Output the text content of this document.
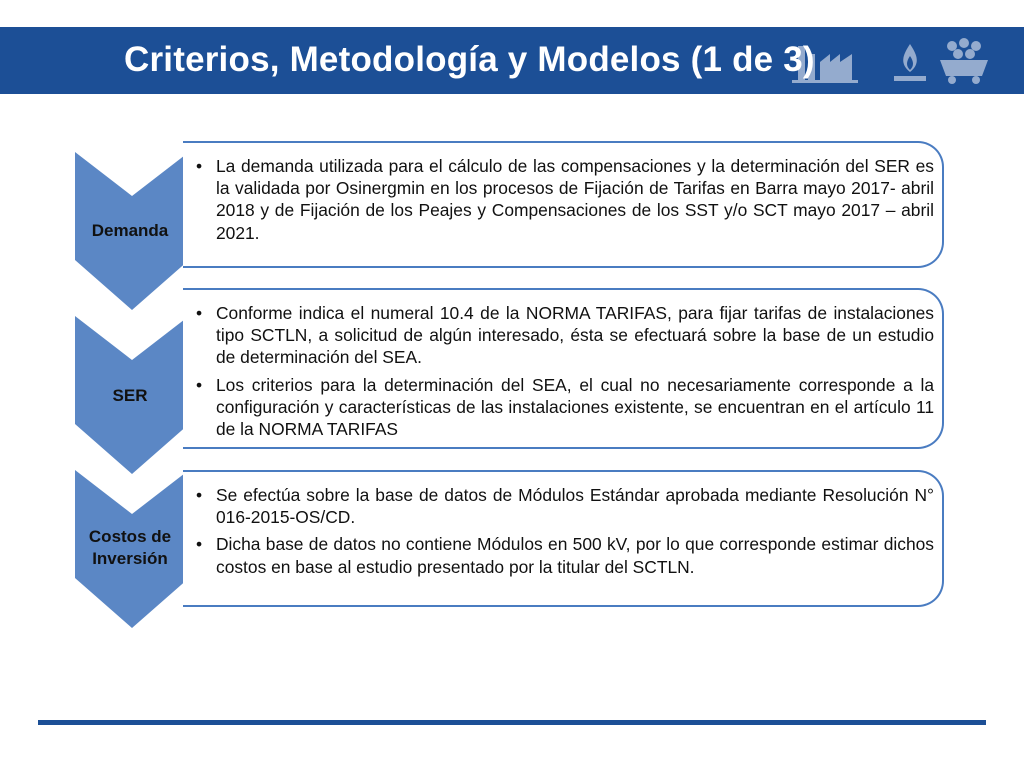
Criterios, Metodología y Modelos (1 de 3)
Demanda
• La demanda utilizada para el cálculo de las compensaciones y la determinación del SER es la validada por Osinergmin en los procesos de Fijación de Tarifas en Barra mayo 2017- abril 2018 y de Fijación de los Peajes y Compensaciones de los SST y/o SCT mayo 2017 – abril 2021.
SER
• Conforme indica el numeral 10.4 de la NORMA TARIFAS, para fijar tarifas de instalaciones tipo SCTLN, a solicitud de algún interesado, ésta se efectuará sobre la base de un estudio de determinación del SEA.
• Los criterios para la determinación del SEA, el cual no necesariamente corresponde a la configuración y características de las instalaciones existente, se encuentran en el artículo 11 de la NORMA TARIFAS
Costos de
Inversión
• Se efectúa sobre la base de datos de Módulos Estándar aprobada mediante Resolución N° 016-2015-OS/CD.
• Dicha base de datos no contiene Módulos en 500 kV, por lo que corresponde estimar dichos costos en base al estudio presentado por la titular del SCTLN.
